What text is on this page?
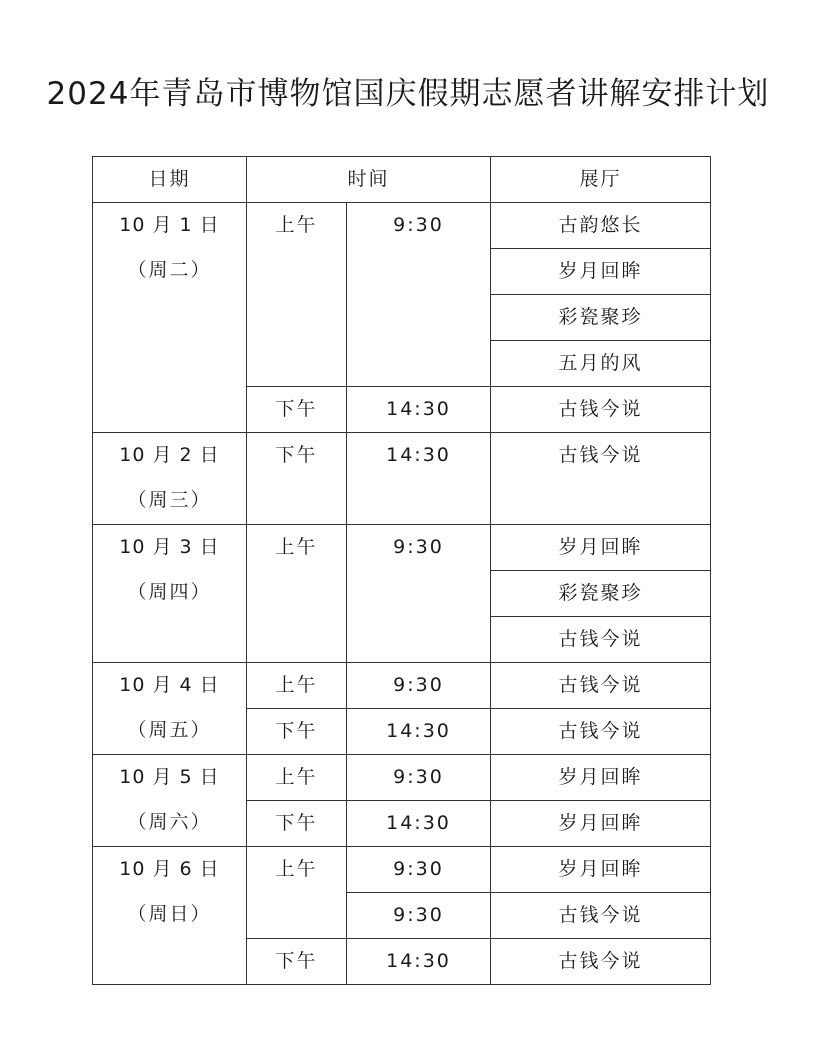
2024年青岛市博物馆国庆假期志愿者讲解安排计划
日期	时间		展厅

10 月 1 日
（周二）	上午	9:30	古韵悠长
			岁月回眸
			彩瓷聚珍
			五月的风
	下午	14:30	古钱今说

10 月 2 日
（周三）	下午	14:30	古钱今说

10 月 3 日
（周四）	上午	9:30	岁月回眸
			彩瓷聚珍
			古钱今说

10 月 4 日
（周五）	上午	9:30	古钱今说
	下午	14:30	古钱今说

10 月 5 日
（周六）	上午	9:30	岁月回眸
	下午	14:30	岁月回眸

10 月 6 日
（周日）	上午	9:30	岁月回眸
		9:30	古钱今说
	下午	14:30	古钱今说
